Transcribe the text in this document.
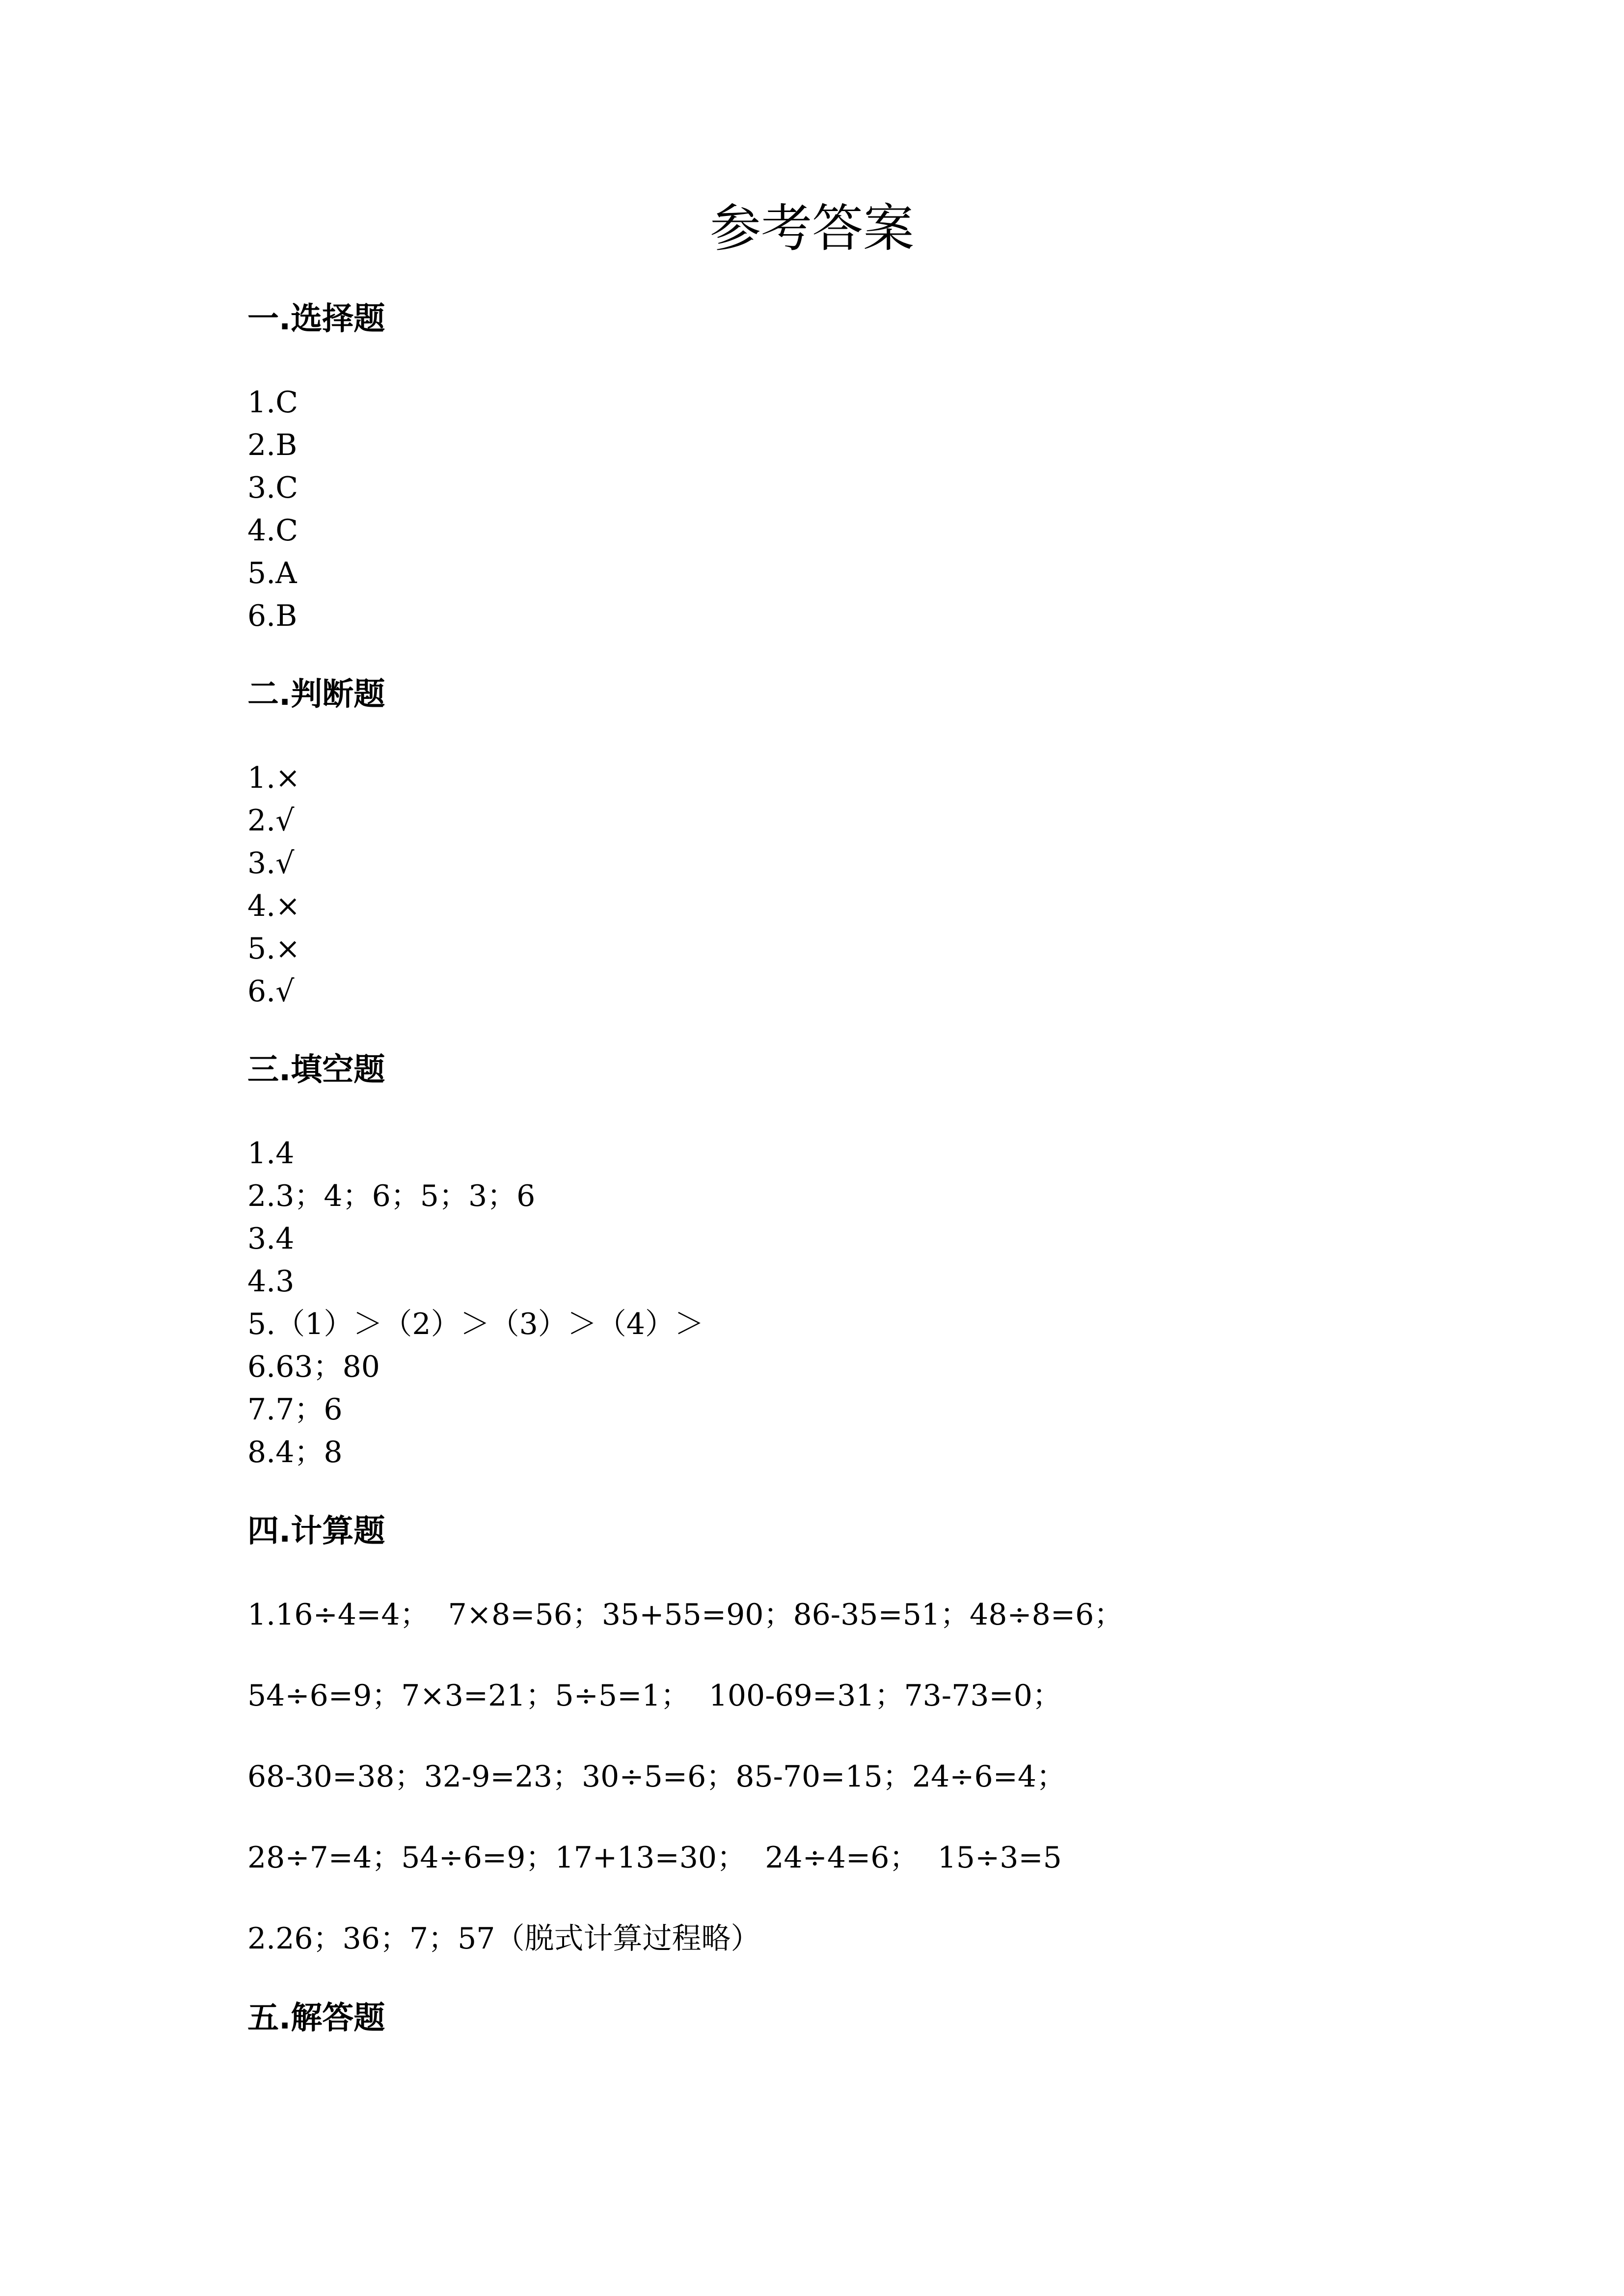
参考答案
一.选择题
1.C
2.B
3.C
4.C
5.A
6.B
二.判断题
1.×
2.√
3.√
4.×
5.×
6.√
三.填空题
1.4
2.3；4；6；5；3；6
3.4
4.3
5.（1）＞（2）＞（3）＞（4）＞
6.63；80
7.7；6
8.4；8
四.计算题
1.16÷4=4；  7×8=56；35+55=90；86-35=51；48÷8=6；
54÷6=9；7×3=21；5÷5=1；  100-69=31；73-73=0；
68-30=38；32-9=23；30÷5=6；85-70=15；24÷6=4；
28÷7=4；54÷6=9；17+13=30；  24÷4=6；  15÷3=5
2.26；36；7；57（脱式计算过程略）
五.解答题
